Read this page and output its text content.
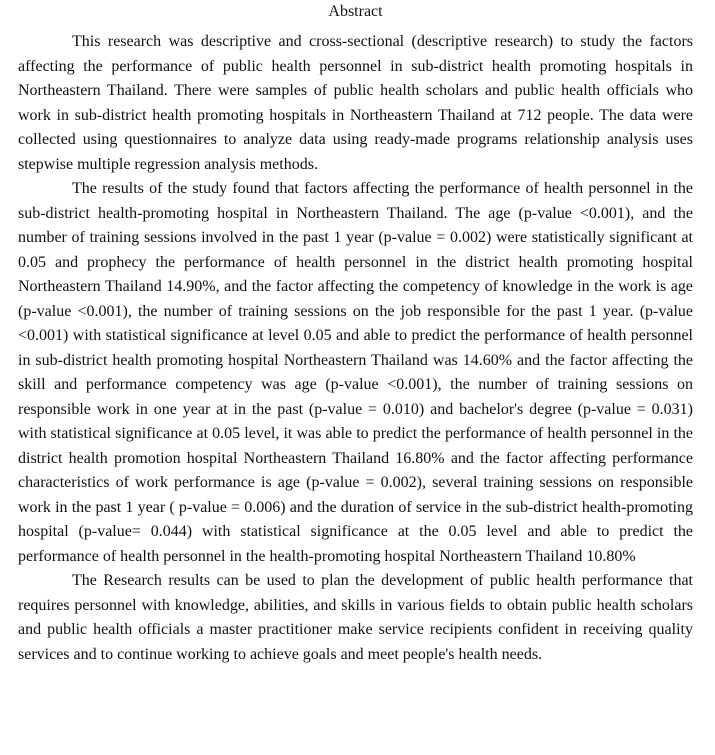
Abstract

This research was descriptive and cross-sectional (descriptive research) to study the factors affecting the performance of public health personnel in sub-district health promoting hospitals in Northeastern Thailand. There were samples of public health scholars and public health officials who work in sub-district health promoting hospitals in Northeastern Thailand at 712 people. The data were collected using questionnaires to analyze data using ready-made programs relationship analysis uses stepwise multiple regression analysis methods.

The results of the study found that factors affecting the performance of health personnel in the sub-district health-promoting hospital in Northeastern Thailand. The age (p-value <0.001), and the number of training sessions involved in the past 1 year (p-value = 0.002) were statistically significant at 0.05 and prophecy the performance of health personnel in the district health promoting hospital Northeastern Thailand 14.90%, and the factor affecting the competency of knowledge in the work is age (p-value <0.001), the number of training sessions on the job responsible for the past 1 year. (p-value <0.001) with statistical significance at level 0.05 and able to predict the performance of health personnel in sub-district health promoting hospital Northeastern Thailand was 14.60% and the factor affecting the skill and performance competency was age (p-value <0.001), the number of training sessions on responsible work in one year at in the past (p-value = 0.010) and bachelor's degree (p-value = 0.031) with statistical significance at 0.05 level, it was able to predict the performance of health personnel in the district health promotion hospital Northeastern Thailand 16.80% and the factor affecting performance characteristics of work performance is age (p-value = 0.002), several training sessions on responsible work in the past 1 year ( p-value = 0.006) and the duration of service in the sub-district health-promoting hospital (p-value= 0.044) with statistical significance at the 0.05 level and able to predict the performance of health personnel in the health-promoting hospital Northeastern Thailand 10.80%

The Research results can be used to plan the development of public health performance that requires personnel with knowledge, abilities, and skills in various fields to obtain public health scholars and public health officials a master practitioner make service recipients confident in receiving quality services and to continue working to achieve goals and meet people's health needs.
